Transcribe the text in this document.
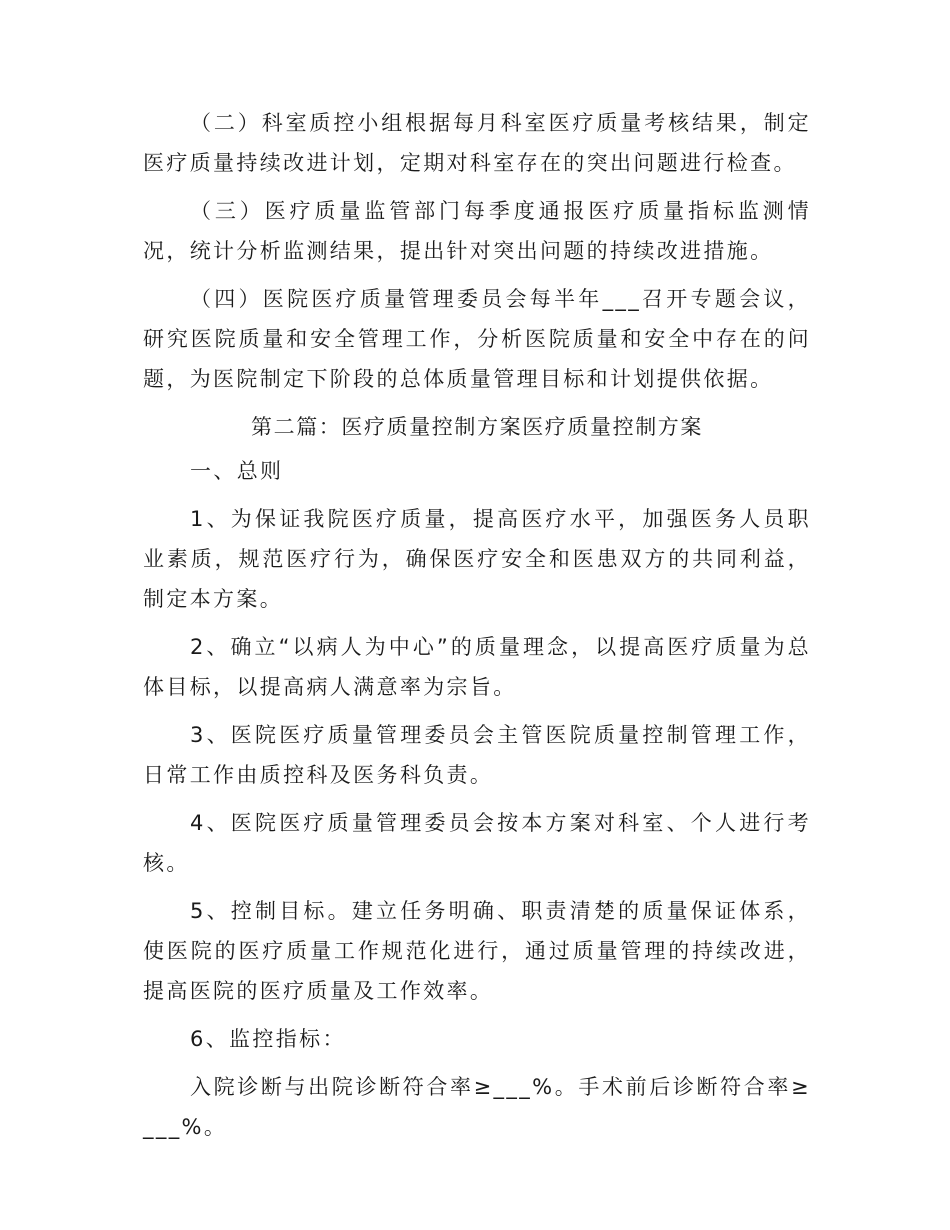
（二）科室质控小组根据每月科室医疗质量考核结果，制定医疗质量持续改进计划，定期对科室存在的突出问题进行检查。

（三）医疗质量监管部门每季度通报医疗质量指标监测情况，统计分析监测结果，提出针对突出问题的持续改进措施。

（四）医院医疗质量管理委员会每半年___召开专题会议，研究医院质量和安全管理工作，分析医院质量和安全中存在的问题，为医院制定下阶段的总体质量管理目标和计划提供依据。

第二篇：医疗质量控制方案医疗质量控制方案

一、总则

1、为保证我院医疗质量，提高医疗水平，加强医务人员职业素质，规范医疗行为，确保医疗安全和医患双方的共同利益，制定本方案。

2、确立“以病人为中心”的质量理念，以提高医疗质量为总体目标，以提高病人满意率为宗旨。

3、医院医疗质量管理委员会主管医院质量控制管理工作，日常工作由质控科及医务科负责。

4、医院医疗质量管理委员会按本方案对科室、个人进行考核。

5、控制目标。建立任务明确、职责清楚的质量保证体系，使医院的医疗质量工作规范化进行，通过质量管理的持续改进，提高医院的医疗质量及工作效率。

6、监控指标：

入院诊断与出院诊断符合率≥___%。手术前后诊断符合率≥___%。
